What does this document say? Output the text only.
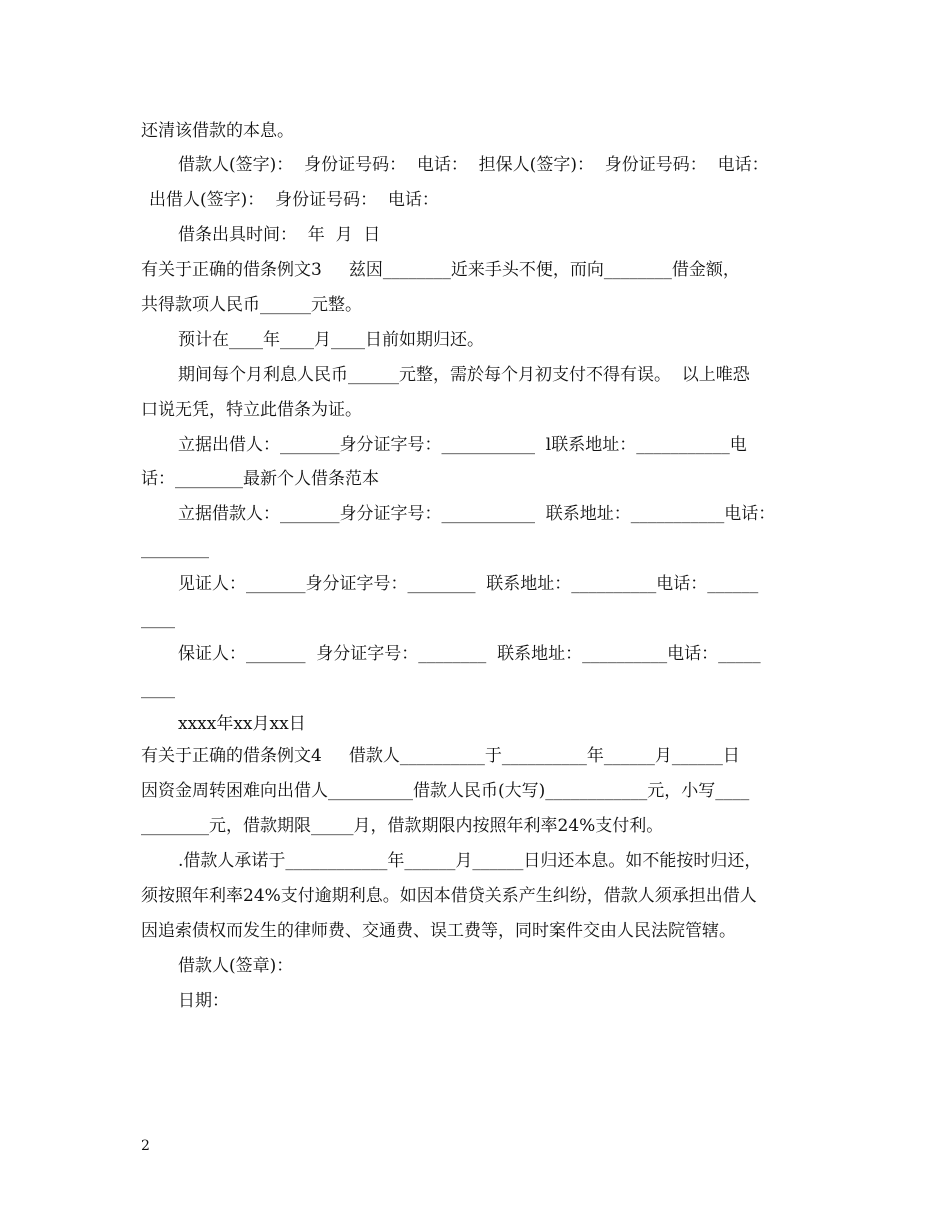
还清该借款的本息。
借款人(签字)：  身份证号码：  电话：  担保人(签字)：  身份证号码：  电话：
出借人(签字)：  身份证号码：  电话：
借条出具时间：  年  月  日
有关于正确的借条例文3     兹因________近来手头不便，而向________借金额，
共得款项人民币______元整。
预计在____年____月____日前如期归还。
期间每个月利息人民币______元整，需於每个月初支付不得有误。  以上唯恐
口说无凭，特立此借条为证。
立据出借人：_______身分证字号：___________  l联系地址：___________电
话：________最新个人借条范本
立据借款人：_______身分证字号：___________  联系地址：___________电话：
________
见证人：_______身分证字号：________  联系地址：__________电话：______
____
保证人：_______  身分证字号：________  联系地址：__________电话：_____
____
xxxx年xx月xx日
有关于正确的借条例文4     借款人__________于__________年______月______日
因资金周转困难向出借人__________借款人民币(大写)____________元，小写____
________元，借款期限_____月，借款期限内按照年利率24%支付利。
.借款人承诺于____________年______月______日归还本息。如不能按时归还，
须按照年利率24%支付逾期利息。如因本借贷关系产生纠纷，借款人须承担出借人
因追索债权而发生的律师费、交通费、误工费等，同时案件交由人民法院管辖。
借款人(签章)：
日期：
2
